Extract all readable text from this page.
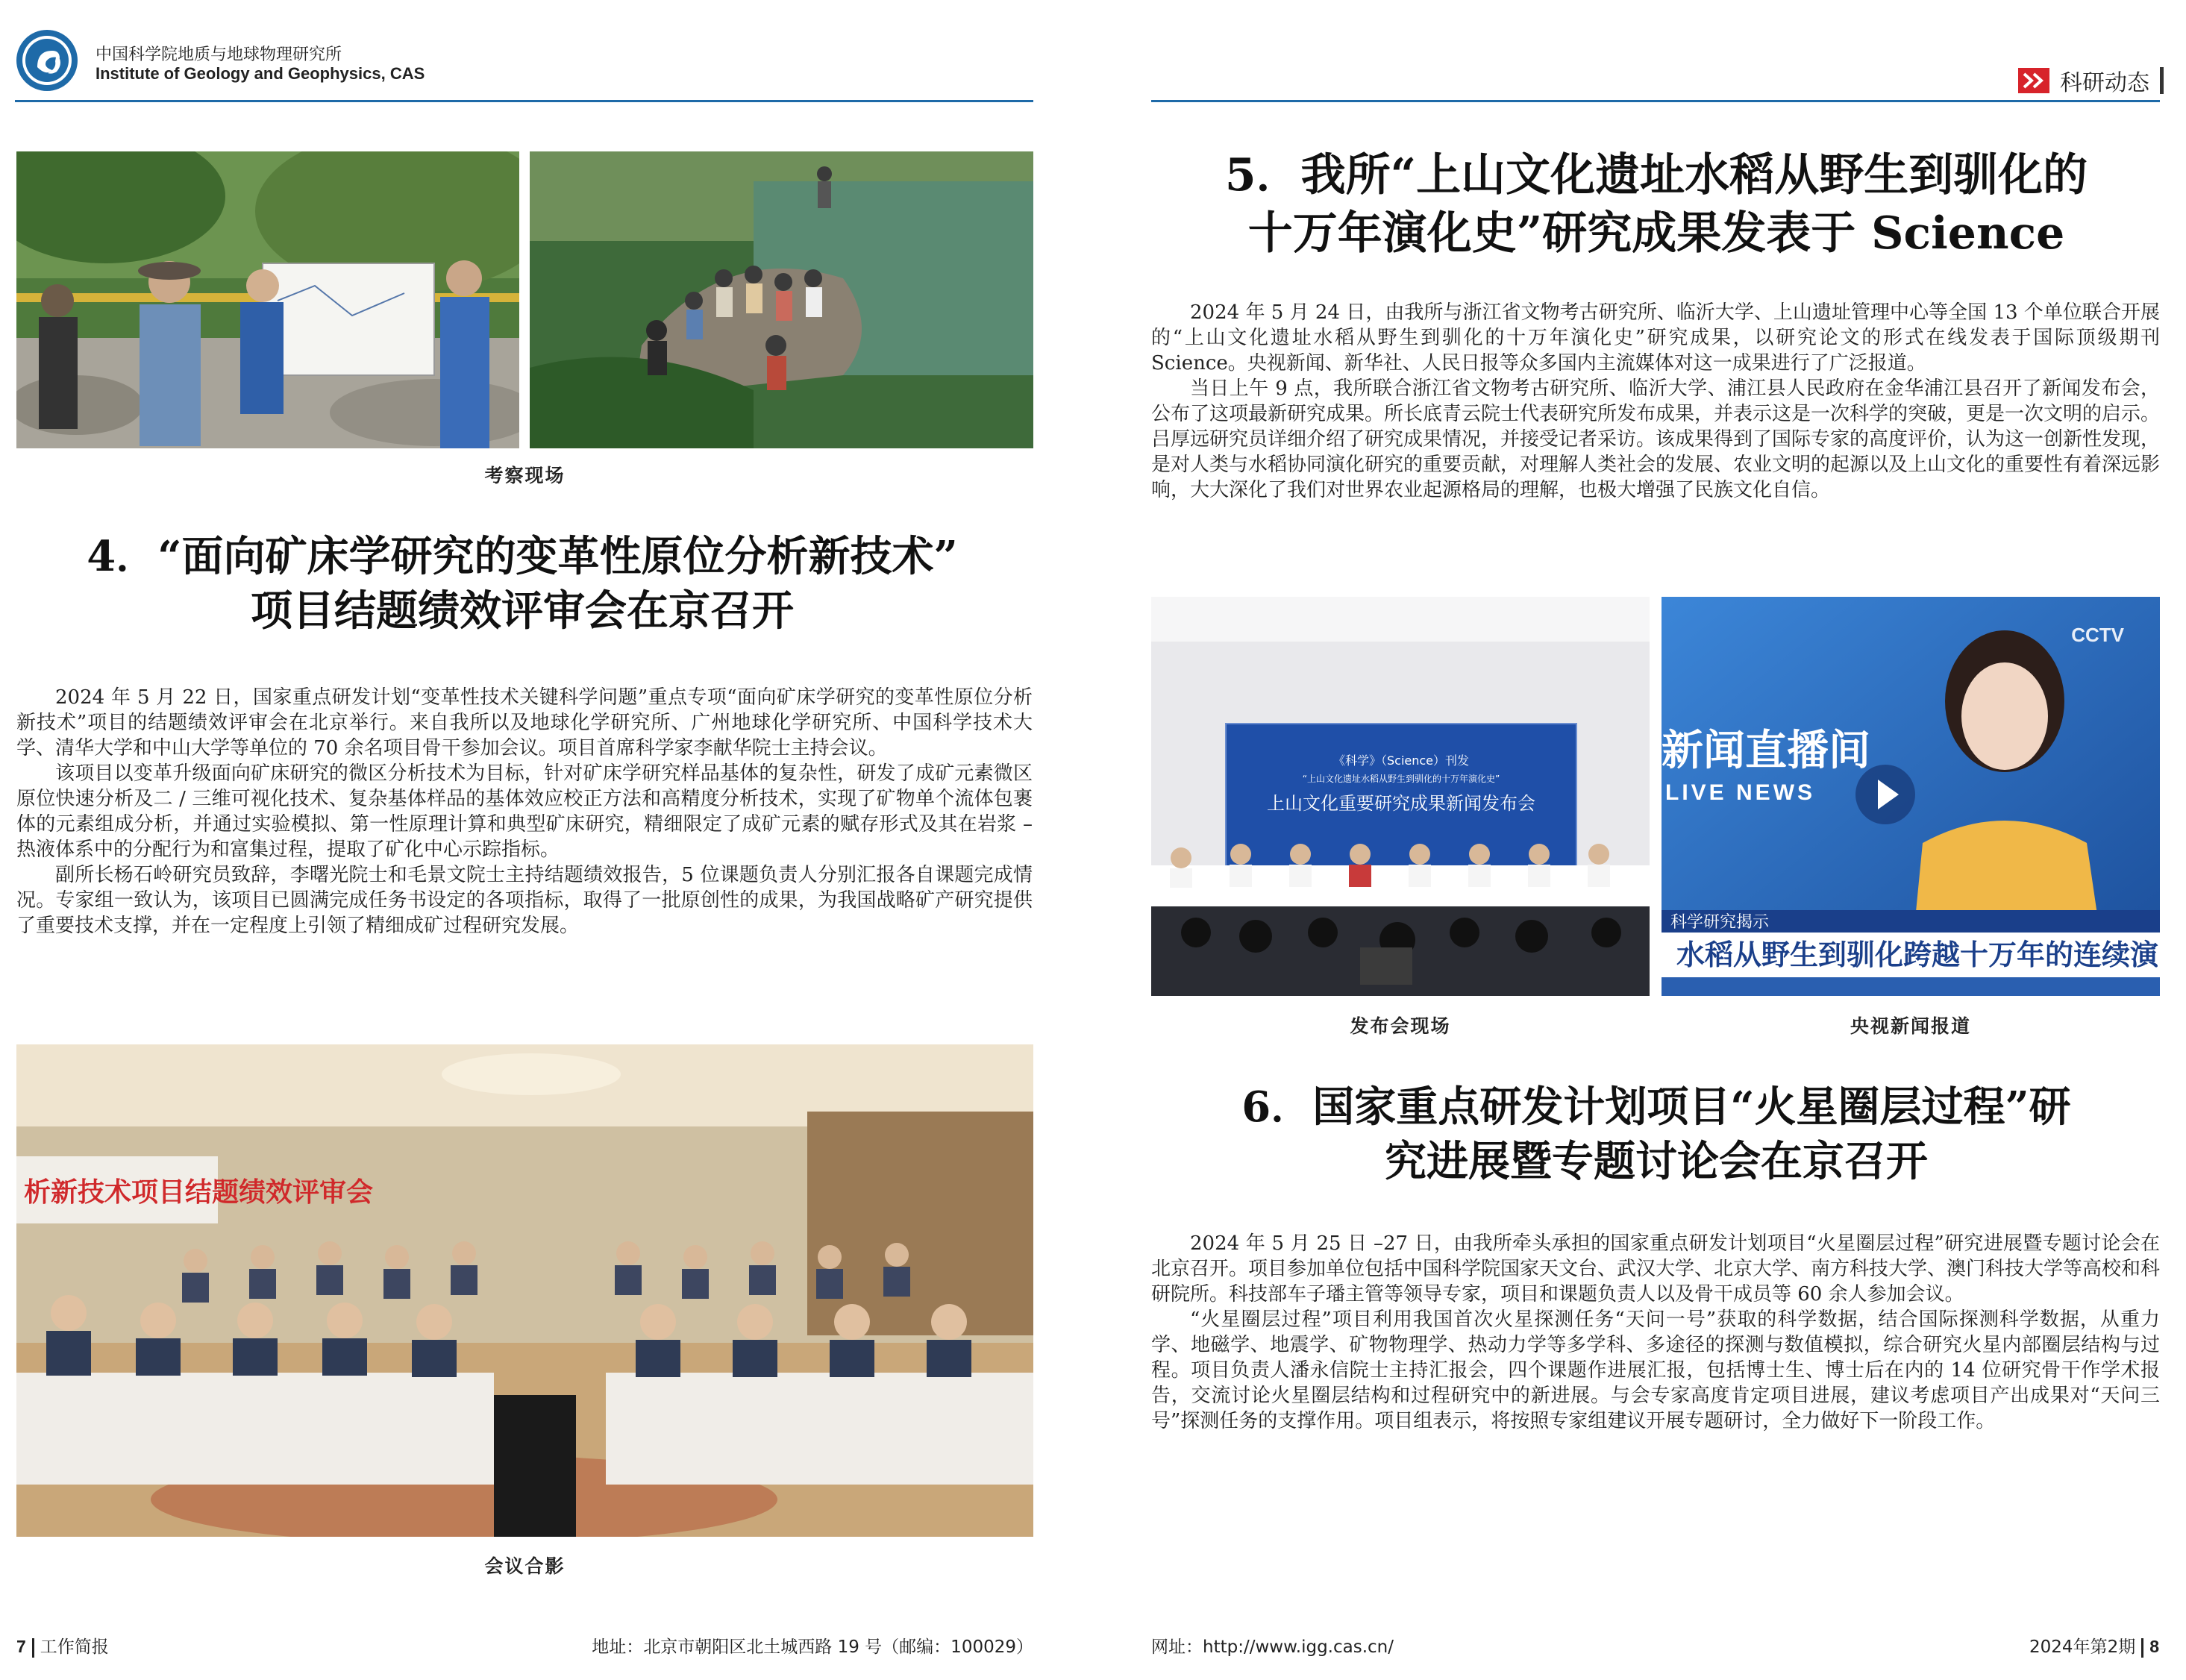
中国科学院地质与地球物理研究所
Institute of Geology and Geophysics, CAS
考察现场
4．“面向矿床学研究的变革性原位分析新技术”
项目结题绩效评审会在京召开

2024 年 5 月 22 日，国家重点研发计划“变革性技术关键科学问题”重点专项“面向矿床学研究的变革性原位分析新技术”项目的结题绩效评审会在北京举行。来自我所以及地球化学研究所、广州地球化学研究所、中国科学技术大学、清华大学和中山大学等单位的 70 余名项目骨干参加会议。项目首席科学家李献华院士主持会议。

该项目以变革升级面向矿床研究的微区分析技术为目标，针对矿床学研究样品基体的复杂性，研发了成矿元素微区原位快速分析及二 / 三维可视化技术、复杂基体样品的基体效应校正方法和高精度分析技术，实现了矿物单个流体包裹体的元素组成分析，并通过实验模拟、第一性原理计算和典型矿床研究，精细限定了成矿元素的赋存形式及其在岩浆 – 热液体系中的分配行为和富集过程，提取了矿化中心示踪指标。

副所长杨石岭研究员致辞，李曙光院士和毛景文院士主持结题绩效报告，5 位课题负责人分别汇报各自课题完成情况。专家组一致认为，该项目已圆满完成任务书设定的各项指标，取得了一批原创性的成果，为我国战略矿产研究提供了重要技术支撑，并在一定程度上引领了精细成矿过程研究发展。

析新技术项目结题绩效评审会
会议合影
7 工作简报	地址：北京市朝阳区北土城西路 19 号（邮编：100029）
科研动态
5．我所“上山文化遗址水稻从野生到驯化的
十万年演化史”研究成果发表于 Science

2024 年 5 月 24 日，由我所与浙江省文物考古研究所、临沂大学、上山遗址管理中心等全国 13 个单位联合开展的“上山文化遗址水稻从野生到驯化的十万年演化史”研究成果，以研究论文的形式在线发表于国际顶级期刊 Science。央视新闻、新华社、人民日报等众多国内主流媒体对这一成果进行了广泛报道。

当日上午 9 点，我所联合浙江省文物考古研究所、临沂大学、浦江县人民政府在金华浦江县召开了新闻发布会，公布了这项最新研究成果。所长底青云院士代表研究所发布成果，并表示这是一次科学的突破，更是一次文明的启示。吕厚远研究员详细介绍了研究成果情况，并接受记者采访。该成果得到了国际专家的高度评价，认为这一创新性发现，是对人类与水稻协同演化研究的重要贡献，对理解人类社会的发展、农业文明的起源以及上山文化的重要性有着深远影响，大大深化了我们对世界农业起源格局的理解，也极大增强了民族文化自信。

《科学》（Science）刊发
“上山文化遗址水稻从野生到驯化的十万年演化史”
上山文化重要研究成果新闻发布会
CCTV
新闻直播间
LIVE NEWS
科学研究揭示
水稻从野生到驯化跨越十万年的连续演
发布会现场	央视新闻报道
6．国家重点研发计划项目“火星圈层过程”研
究进展暨专题讨论会在京召开

2024 年 5 月 25 日 –27 日，由我所牵头承担的国家重点研发计划项目“火星圈层过程”研究进展暨专题讨论会在北京召开。项目参加单位包括中国科学院国家天文台、武汉大学、北京大学、南方科技大学、澳门科技大学等高校和科研院所。科技部车子璠主管等领导专家，项目和课题负责人以及骨干成员等 60 余人参加会议。

“火星圈层过程”项目利用我国首次火星探测任务“天问一号”获取的科学数据，结合国际探测科学数据，从重力学、地磁学、地震学、矿物物理学、热动力学等多学科、多途径的探测与数值模拟，综合研究火星内部圈层结构与过程。项目负责人潘永信院士主持汇报会，四个课题作进展汇报，包括博士生、博士后在内的 14 位研究骨干作学术报告，交流讨论火星圈层结构和过程研究中的新进展。与会专家高度肯定项目进展，建议考虑项目产出成果对“天问三号”探测任务的支撑作用。项目组表示，将按照专家组建议开展专题研讨，全力做好下一阶段工作。

网址：http://www.igg.cas.cn/	2024年第2期 8
